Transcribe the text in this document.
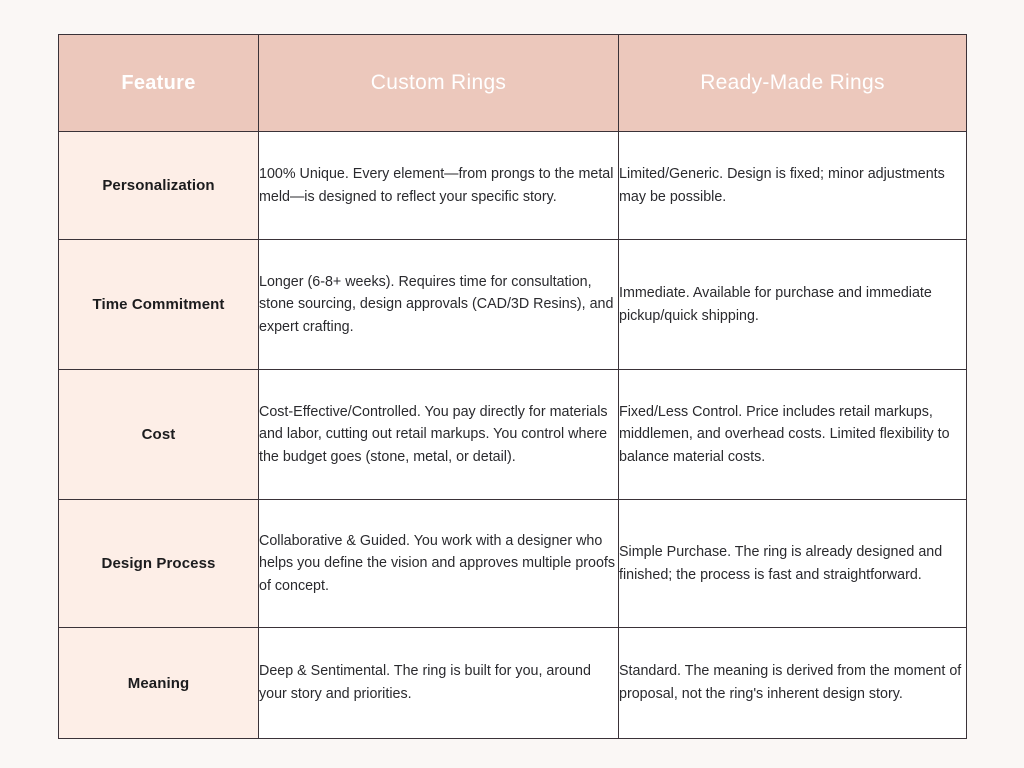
Feature	Custom Rings	Ready-Made Rings
Personalization	100% Unique. Every element—from prongs to the metal meld—is designed to reflect your specific story.	Limited/Generic. Design is fixed; minor adjustments may be possible.
Time Commitment	Longer (6-8+ weeks). Requires time for consultation, stone sourcing, design approvals (CAD/3D Resins), and expert crafting.	Immediate. Available for purchase and immediate pickup/quick shipping.
Cost	Cost-Effective/Controlled. You pay directly for materials and labor, cutting out retail markups. You control where the budget goes (stone, metal, or detail).	Fixed/Less Control. Price includes retail markups, middlemen, and overhead costs. Limited flexibility to balance material costs.
Design Process	Collaborative & Guided. You work with a designer who helps you define the vision and approves multiple proofs of concept.	Simple Purchase. The ring is already designed and finished; the process is fast and straightforward.
Meaning	Deep & Sentimental. The ring is built for you, around your story and priorities.	Standard. The meaning is derived from the moment of proposal, not the ring's inherent design story.
